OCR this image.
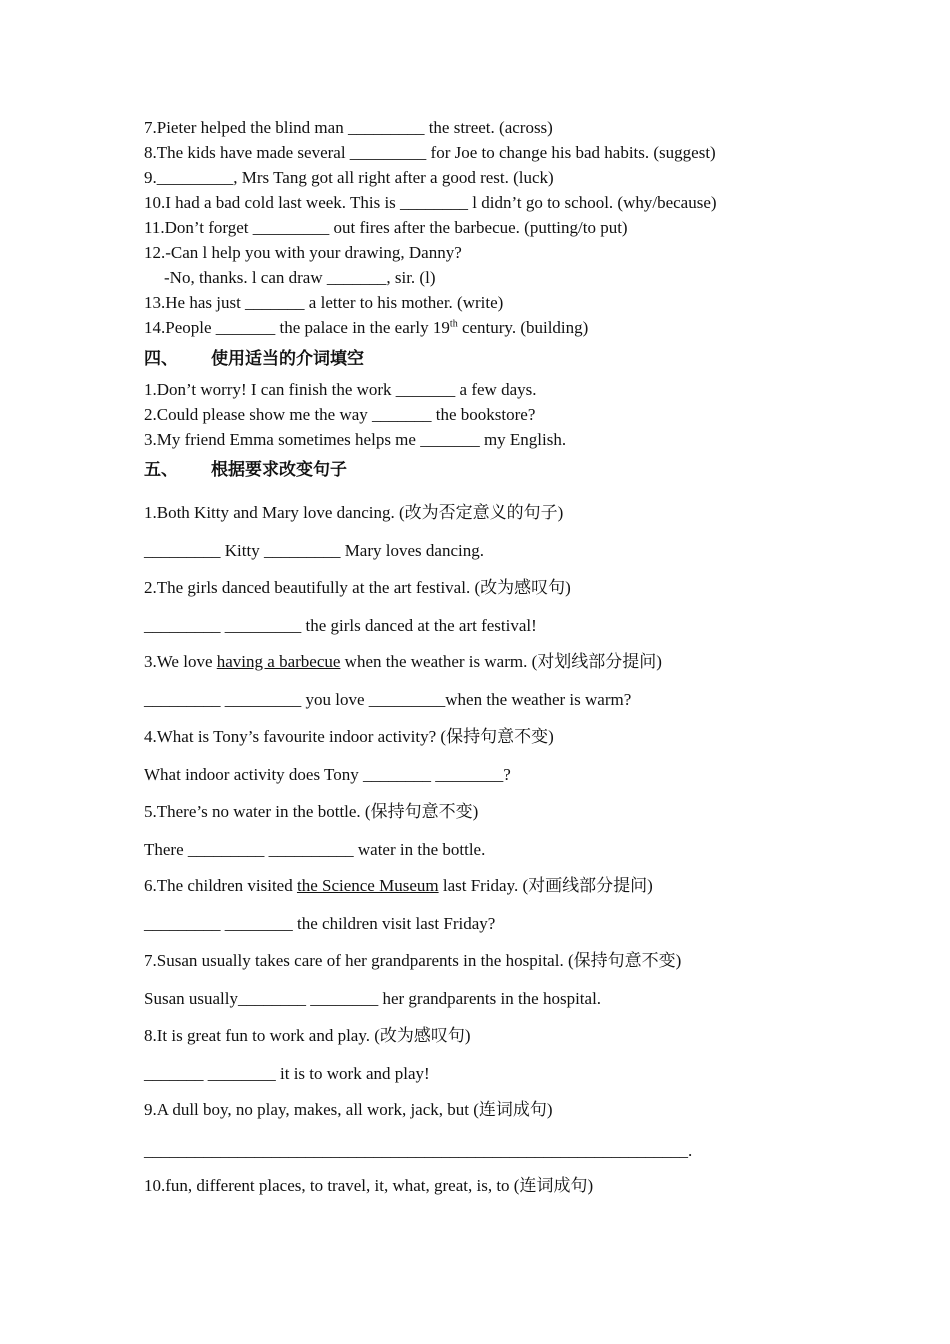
7.Pieter helped the blind man _________ the street. (across)
8.The kids have made several _________ for Joe to change his bad habits. (suggest)
9._________, Mrs Tang got all right after a good rest. (luck)
10.I had a bad cold last week. This is ________ l didn’t go to school. (why/because)
11.Don’t forget _________ out fires after the barbecue. (putting/to put)
12.-Can l help you with your drawing, Danny?
-No, thanks. l can draw _______, sir. (l)
13.He has just _______ a letter to his mother. (write)
14.People _______ the palace in the early 19th century. (building)
四、 使用适当的介词填空
1.Don’t worry! I can finish the work _______ a few days.
2.Could please show me the way _______ the bookstore?
3.My friend Emma sometimes helps me _______ my English.
五、 根据要求改变句子
1.Both Kitty and Mary love dancing. (改为否定意义的句子)
_________ Kitty _________ Mary loves dancing.
2.The girls danced beautifully at the art festival. (改为感叹句)
_________ _________ the girls danced at the art festival!
3.We love having a barbecue when the weather is warm. (对划线部分提问)
_________ _________ you love _________when the weather is warm?
4.What is Tony’s favourite indoor activity? (保持句意不变)
What indoor activity does Tony ________ ________?
5.There’s no water in the bottle. (保持句意不变)
There _________ __________ water in the bottle.
6.The children visited the Science Museum last Friday. (对画线部分提问)
_________ ________ the children visit last Friday?
7.Susan usually takes care of her grandparents in the hospital. (保持句意不变)
Susan usually________ ________ her grandparents in the hospital.
8.It is great fun to work and play. (改为感叹句)
_______ ________ it is to work and play!
9.A dull boy, no play, makes, all work, jack, but (连词成句)
________________________________________________________________.
10.fun, different places, to travel, it, what, great, is, to (连词成句)
